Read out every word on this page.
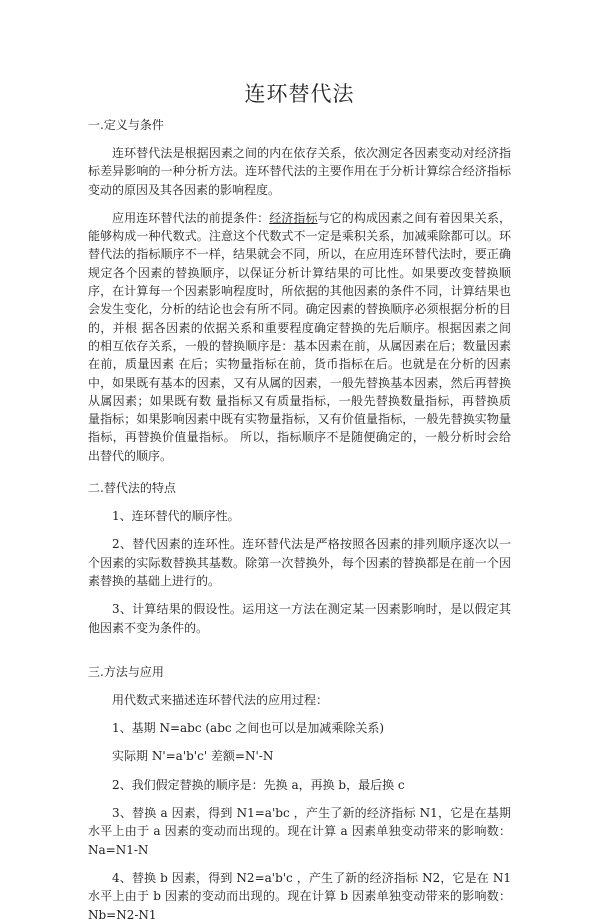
连环替代法

一.定义与条件

连环替代法是根据因素之间的内在依存关系，依次测定各因素变动对经济指标差异影响的一种分析方法。连环替代法的主要作用在于分析计算综合经济指标变动的原因及其各因素的影响程度。

应用连环替代法的前提条件：经济指标与它的构成因素之间有着因果关系，能够构成一种代数式。注意这个代数式不一定是乘积关系，加减乘除都可以。环替代法的指标顺序不一样，结果就会不同，所以，在应用连环替代法时，要正确规定各个因素的替换顺序，以保证分析计算结果的可比性。如果要改变替换顺序，在计算每一个因素影响程度时，所依据的其他因素的条件不同，计算结果也会发生变化，分析的结论也会有所不同。确定因素的替换顺序必须根据分析的目的，并根 据各因素的依据关系和重要程度确定替换的先后顺序。根据因素之间的相互依存关系，一般的替换顺序是：基本因素在前，从属因素在后；数量因素在前，质量因素 在后；实物量指标在前，货币指标在后。也就是在分析的因素中，如果既有基本的因素，又有从属的因素，一般先替换基本因素，然后再替换从属因素；如果既有数 量指标又有质量指标，一般先替换数量指标，再替换质量指标；如果影响因素中既有实物量指标，又有价值量指标，一般先替换实物量指标，再替换价值量指标。 所以，指标顺序不是随便确定的，一般分析时会给出替代的顺序。

二.替代法的特点

1、连环替代的顺序性。

2、替代因素的连环性。连环替代法是严格按照各因素的排列顺序逐次以一个因素的实际数替换其基数。除第一次替换外，每个因素的替换都是在前一个因素替换的基础上进行的。

3、计算结果的假设性。运用这一方法在测定某一因素影响时，是以假定其他因素不变为条件的。

三.方法与应用

用代数式来描述连环替代法的应用过程：

1、基期 N=abc (abc 之间也可以是加减乘除关系)

实际期 N'=a'b'c' 差额=N'-N

2、我们假定替换的顺序是：先换 a，再换 b，最后换 c

3、替换 a 因素，得到 N1=a'bc ，产生了新的经济指标 N1，它是在基期水平上由于 a 因素的变动而出现的。现在计算 a 因素单独变动带来的影响数：Na=N1-N

4、替换 b 因素，得到 N2=a'b'c ，产生了新的经济指标 N2，它是在 N1 水平上由于 b 因素的变动而出现的。现在计算 b 因素单独变动带来的影响数：Nb=N2-N1
